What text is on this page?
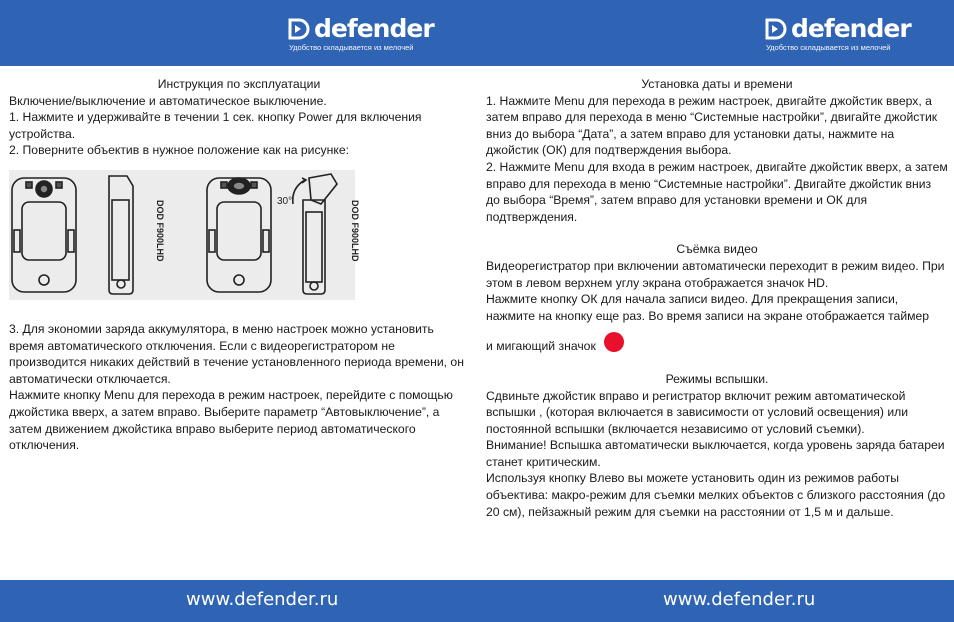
defender
Удобство складывается из мелочей
defender
Удобство складывается из мелочей

Инструкция по эксплуатации

Включение/выключение и автоматическое выключение.

1. Нажмите и удерживайте в течении 1 сек. кнопку Power для включения устройства.

2. Поверните объектив в нужное положение как на рисунке:

DOD F900LHD	DOD F900LHD
30°

3. Для экономии заряда аккумулятора, в меню настроек можно установить время автоматического отключения. Если с видеорегистратором не производится никаких действий в течение установленного периода времени, он автоматически отключается.

Нажмите кнопку Menu для перехода в режим настроек, перейдите с помощью джойстика вверх, а затем вправо. Выберите параметр “Автовыключение”, а затем движением джойстика вправо выберите период автоматического отключения.

Установка даты и времени

1. Нажмите Menu для перехода в режим настроек, двигайте джойстик вверх, а затем вправо для перехода в меню “Системные настройки”, двигайте джойстик вниз до выбора “Дата”, а затем вправо для установки даты, нажмите на джойстик (ОК) для подтверждения выбора.

2. Нажмите Menu для входа в режим настроек, двигайте джойстик вверх, а затем вправо для перехода в меню “Системные настройки”. Двигайте джойстик вниз до выбора “Время”, затем вправо для установки времени и ОК для подтверждения.

Съёмка видео

Видеорегистратор при включении автоматически переходит в режим видео. При этом в левом верхнем углу экрана отображается значок HD.

Нажмите кнопку ОК для начала записи видео. Для прекращения записи, нажмите на кнопку еще раз. Во время записи на экране отображается таймер

и мигающий значок

Режимы вспышки.

Сдвиньте джойстик вправо и регистратор включит режим автоматической вспышки , (которая включается в зависимости от условий освещения) или постоянной вспышки (включается независимо от условий съемки).

Внимание! Вспышка автоматически выключается, когда уровень заряда батареи станет критическим.

Используя кнопку Влево вы можете установить один из режимов работы объектива: макро-режим для съемки мелких объектов с близкого расстояния (до 20 см), пейзажный режим для съемки на расстоянии от 1,5 м и дальше.

www.defender.ru	www.defender.ru
